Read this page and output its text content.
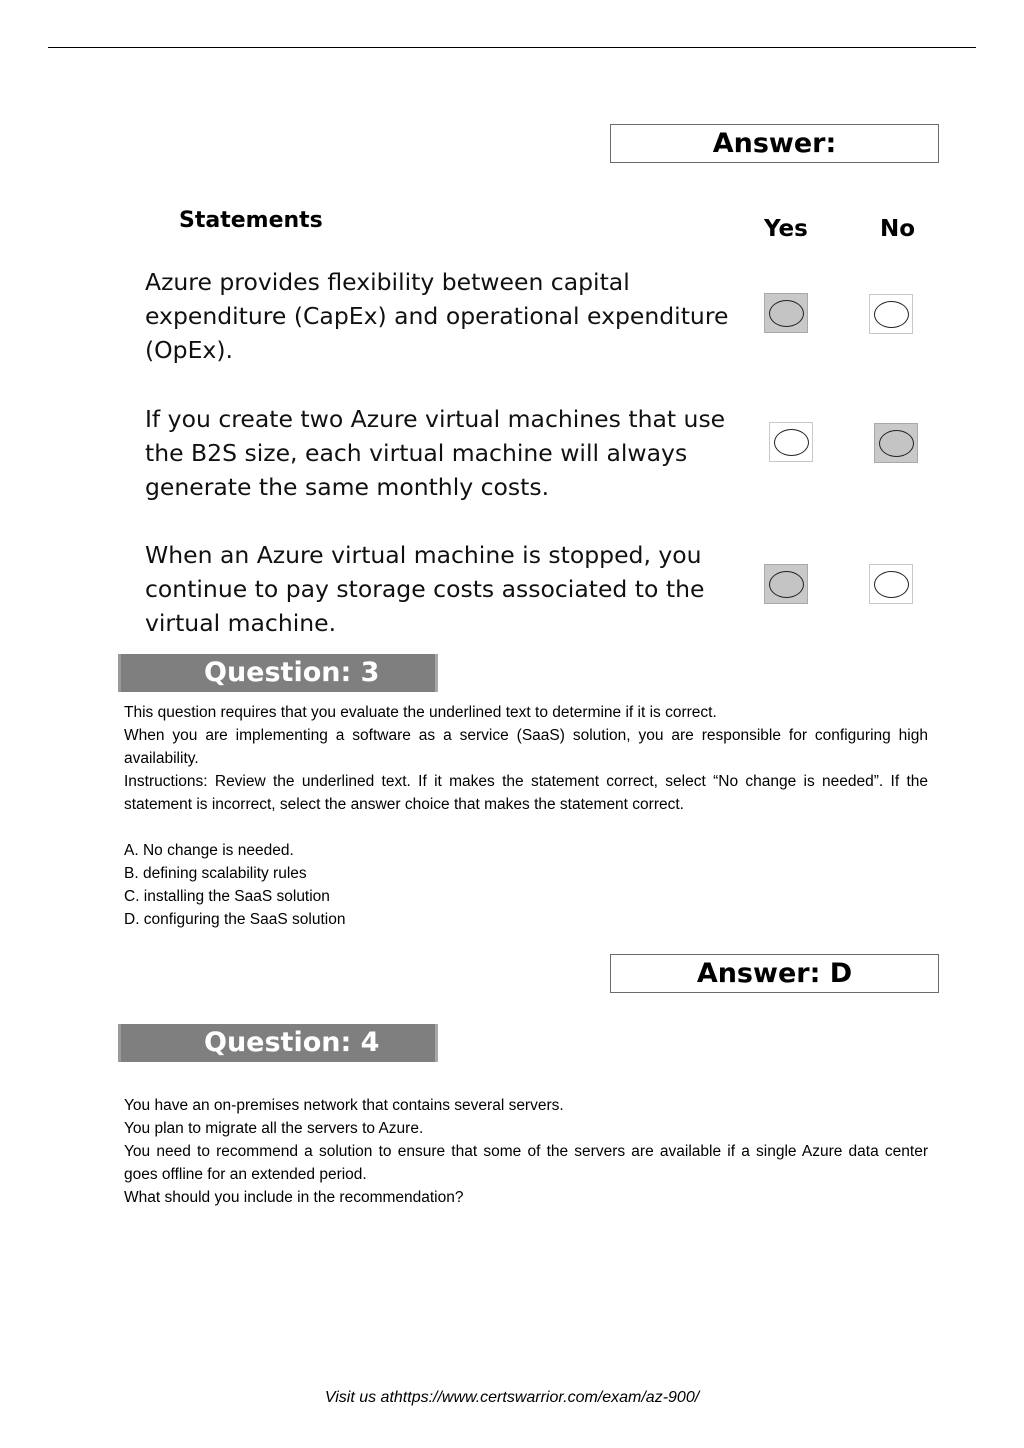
Answer:
Statements	Yes	No
Azure provides flexibility between capital expenditure (CapEx) and operational expenditure (OpEx).
If you create two Azure virtual machines that use the B2S size, each virtual machine will always generate the same monthly costs.
When an Azure virtual machine is stopped, you continue to pay storage costs associated to the virtual machine.
Question: 3

This question requires that you evaluate the underlined text to determine if it is correct.

When you are implementing a software as a service (SaaS) solution, you are responsible for configuring high availability.

Instructions: Review the underlined text. If it makes the statement correct, select “No change is needed”. If the statement is incorrect, select the answer choice that makes the statement correct.

A. No change is needed.
B. defining scalability rules
C. installing the SaaS solution
D. configuring the SaaS solution
Answer: D
Question: 4

You have an on-premises network that contains several servers.

You plan to migrate all the servers to Azure.

You need to recommend a solution to ensure that some of the servers are available if a single Azure data center goes offline for an extended period.

What should you include in the recommendation?

Visit us athttps://www.certswarrior.com/exam/az-900/
